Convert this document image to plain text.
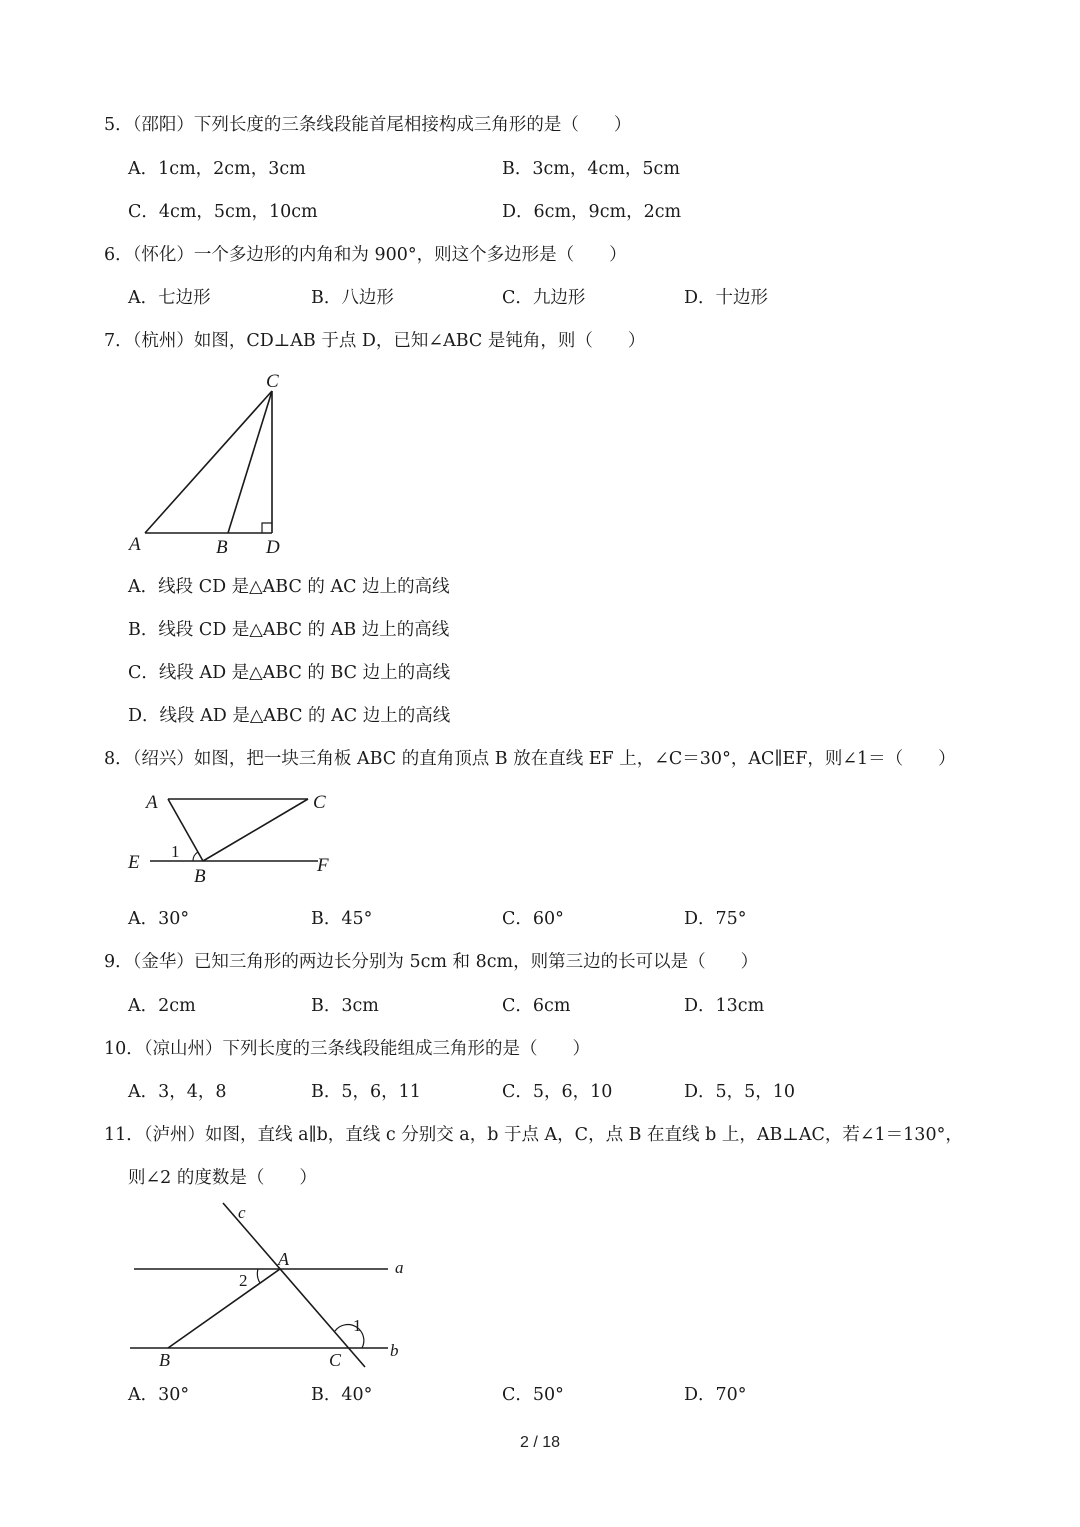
5．（邵阳）下列长度的三条线段能首尾相接构成三角形的是（　　）
A．1cm，2cm，3cm	B．3cm，4cm，5cm
C．4cm，5cm，10cm	D．6cm，9cm，2cm
6．（怀化）一个多边形的内角和为 900°，则这个多边形是（　　）
A．七边形	B．八边形	C．九边形	D．十边形
7．（杭州）如图，CD⊥AB 于点 D，已知∠ABC 是钝角，则（　　）
C
A	B D
A．线段 CD 是△ABC 的 AC 边上的高线
B．线段 CD 是△ABC 的 AB 边上的高线
C．线段 AD 是△ABC 的 BC 边上的高线
D．线段 AD 是△ABC 的 AC 边上的高线
8．（绍兴）如图，把一块三角板 ABC 的直角顶点 B 放在直线 EF 上，∠C＝30°，AC∥EF，则∠1＝（　　）
A	C
E
1
B
F
A．30°	B．45°	C．60°	D．75°
9．（金华）已知三角形的两边长分别为 5cm 和 8cm，则第三边的长可以是（　　）
A．2cm	B．3cm	C．6cm	D．13cm
10．（凉山州）下列长度的三条线段能组成三角形的是（　　）
A．3，4，8	B．5，6，11	C．5，6，10	D．5，5，10
11．（泸州）如图，直线 a∥b，直线 c 分别交 a，b 于点 A，C，点 B 在直线 b 上，AB⊥AC，若∠1＝130°，
则∠2 的度数是（　　）
c
A	a
2
1
B	C	b
A．30°	B．40°	C．50°	D．70°
2 / 18
